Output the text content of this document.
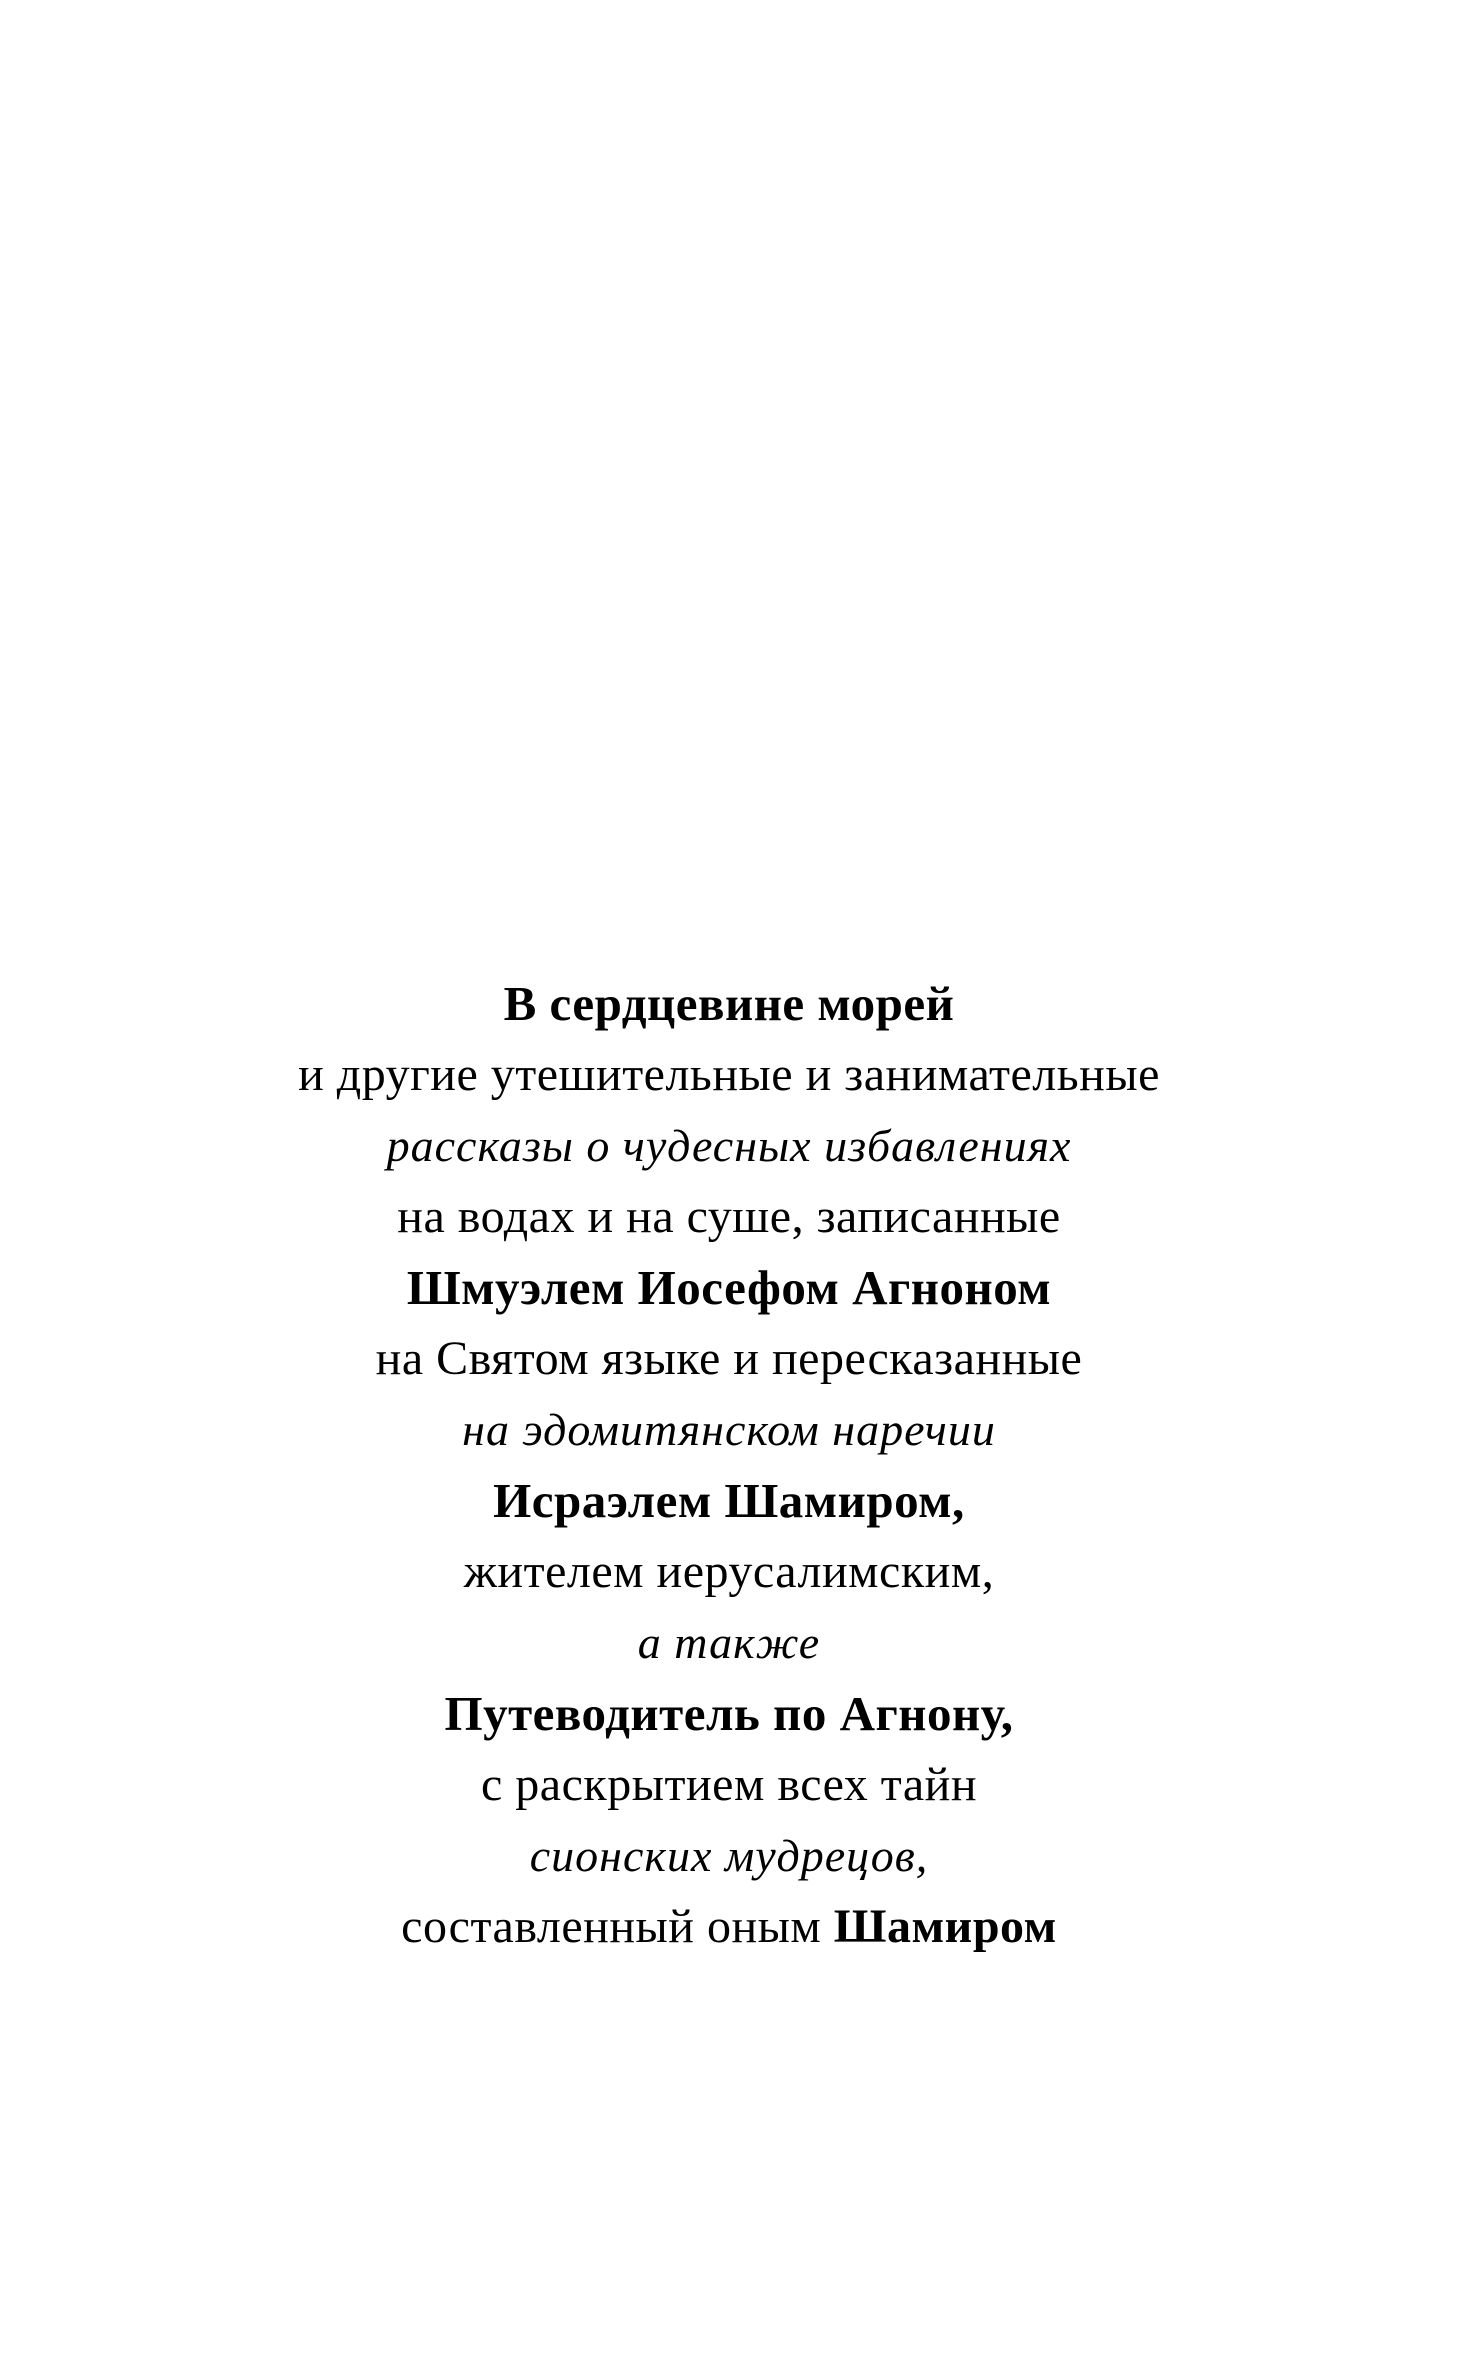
В сердцевине морей
и другие утешительные и занимательные
рассказы о чудесных избавлениях
на водах и на суше, записанные
Шмуэлем Иосефом Агноном
на Святом языке и пересказанные
на эдомитянском наречии
Исраэлем Шамиром,
жителем иерусалимским,
а также
Путеводитель по Агнону,
с раскрытием всех тайн
сионских мудрецов,
составленный оным Шамиром
